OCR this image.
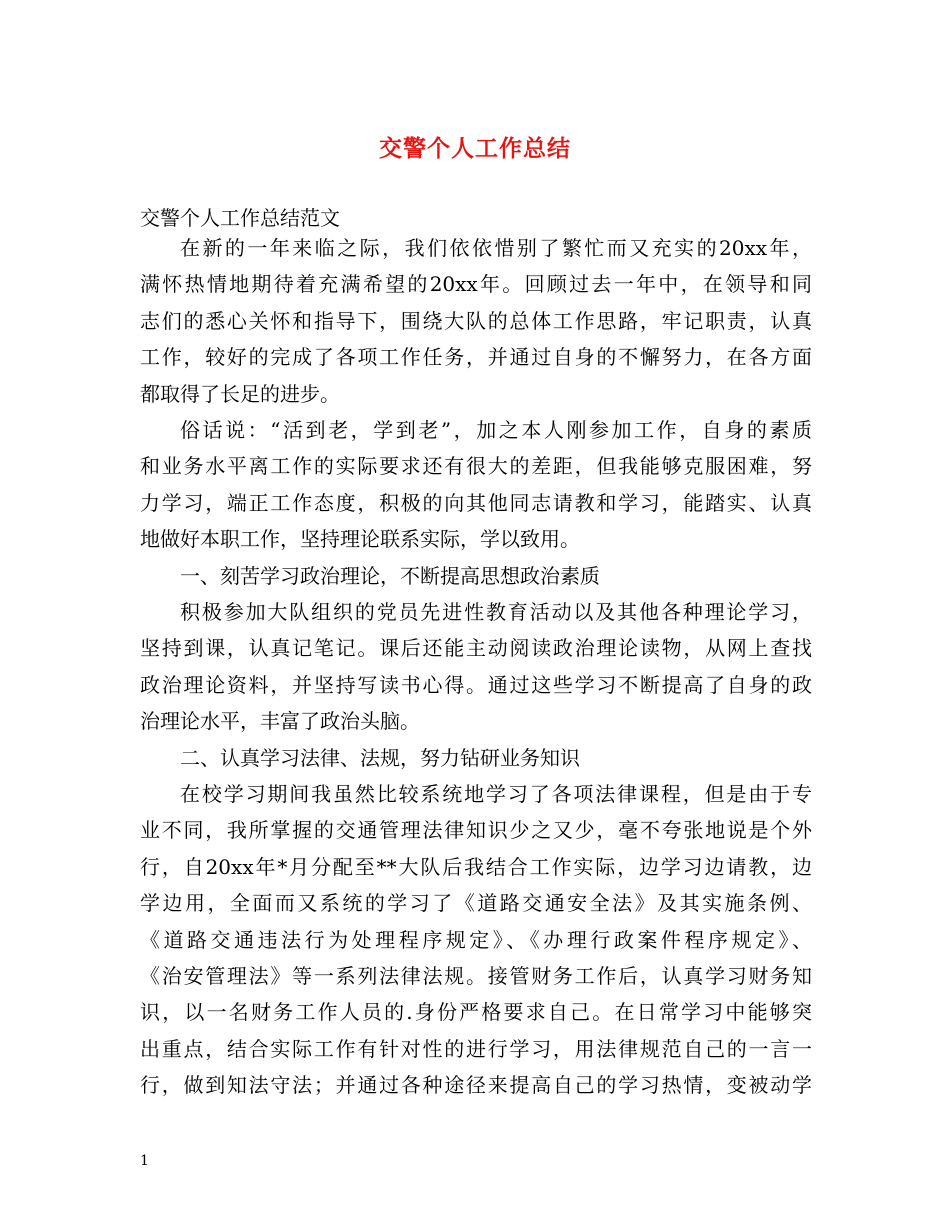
交警个人工作总结
交警个人工作总结范文
在新的一年来临之际，我们依依惜别了繁忙而又充实的20xx年，
满怀热情地期待着充满希望的20xx年。回顾过去一年中，在领导和同
志们的悉心关怀和指导下，围绕大队的总体工作思路，牢记职责，认真
工作，较好的完成了各项工作任务，并通过自身的不懈努力，在各方面
都取得了长足的进步。
俗话说：“活到老，学到老”，加之本人刚参加工作，自身的素质
和业务水平离工作的实际要求还有很大的差距，但我能够克服困难，努
力学习，端正工作态度，积极的向其他同志请教和学习，能踏实、认真
地做好本职工作，坚持理论联系实际，学以致用。
一、刻苦学习政治理论，不断提高思想政治素质
积极参加大队组织的党员先进性教育活动以及其他各种理论学习，
坚持到课，认真记笔记。课后还能主动阅读政治理论读物，从网上查找
政治理论资料，并坚持写读书心得。通过这些学习不断提高了自身的政
治理论水平，丰富了政治头脑。
二、认真学习法律、法规，努力钻研业务知识
在校学习期间我虽然比较系统地学习了各项法律课程，但是由于专
业不同，我所掌握的交通管理法律知识少之又少，毫不夸张地说是个外
行，自20xx年*月分配至**大队后我结合工作实际，边学习边请教，边
学边用，全面而又系统的学习了《道路交通安全法》及其实施条例、
《道路交通违法行为处理程序规定》、《办理行政案件程序规定》、
《治安管理法》等一系列法律法规。接管财务工作后，认真学习财务知
识，以一名财务工作人员的.身份严格要求自己。在日常学习中能够突
出重点，结合实际工作有针对性的进行学习，用法律规范自己的一言一
行，做到知法守法；并通过各种途径来提高自己的学习热情，变被动学
1
